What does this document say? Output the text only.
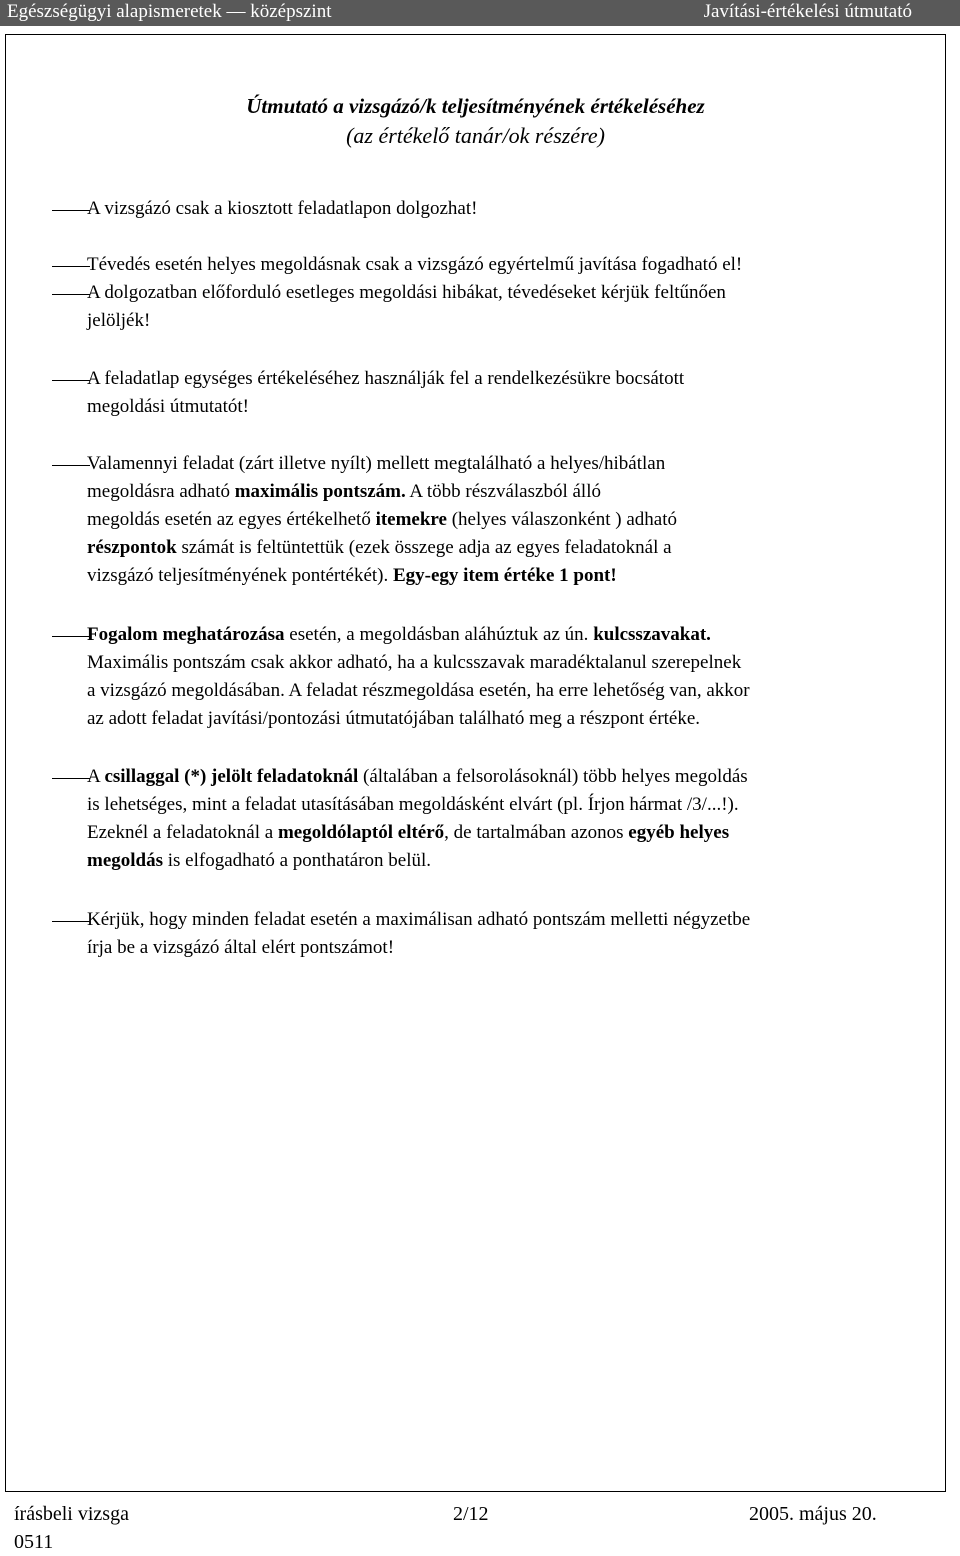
Egészségügyi alapismeretek — középszint	Javítási-értékelési útmutató
Útmutató a vizsgázó/k teljesítményének értékeléséhez
(az értékelő tanár/ok részére)
A vizsgázó csak a kiosztott feladatlapon dolgozhat!
Tévedés esetén helyes megoldásnak csak a vizsgázó egyértelmű javítása fogadható el!
A dolgozatban előforduló esetleges megoldási hibákat, tévedéseket kérjük feltűnően
jelöljék!
A feladatlap egységes értékeléséhez használják fel a rendelkezésükre bocsátott
megoldási útmutatót!
Valamennyi feladat (zárt illetve nyílt) mellett megtalálható a helyes/hibátlan
megoldásra adható maximális pontszám. A több részválaszból álló
megoldás esetén az egyes értékelhető itemekre (helyes válaszonként ) adható
részpontok számát is feltüntettük (ezek összege adja az egyes feladatoknál a
vizsgázó teljesítményének pontértékét). Egy-egy item értéke 1 pont!
Fogalom meghatározása esetén, a megoldásban aláhúztuk az ún. kulcsszavakat.
Maximális pontszám csak akkor adható, ha a kulcsszavak maradéktalanul szerepelnek
a vizsgázó megoldásában. A feladat részmegoldása esetén, ha erre lehetőség van, akkor
az adott feladat javítási/pontozási útmutatójában található meg a részpont értéke.
A csillaggal (*) jelölt feladatoknál (általában a felsorolásoknál) több helyes megoldás
is lehetséges, mint a feladat utasításában megoldásként elvárt (pl. Írjon hármat /3/...!).
Ezeknél a feladatoknál a megoldólaptól eltérő, de tartalmában azonos egyéb helyes
megoldás is elfogadható a ponthatáron belül.
Kérjük, hogy minden feladat esetén a maximálisan adható pontszám melletti négyzetbe
írja be a vizsgázó által elért pontszámot!
írásbeli vizsga
0511
2/12	2005. május 20.
